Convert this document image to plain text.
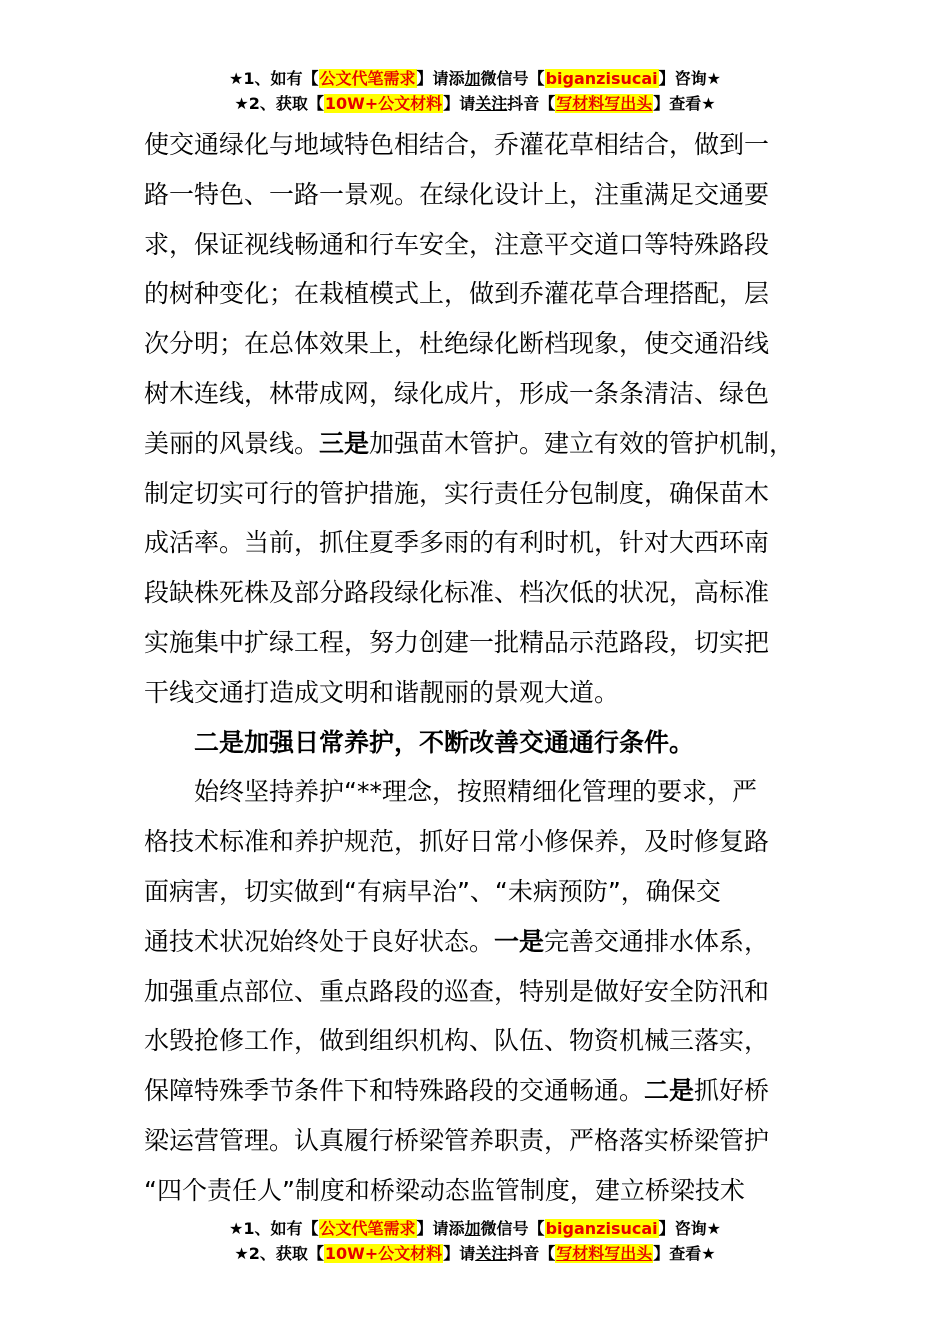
★1、如有【公文代笔需求】请添加微信号【biganzisucai】咨询★
★2、获取【10W+公文材料】请关注抖音【写材料写出头】查看★
使交通绿化与地域特色相结合，乔灌花草相结合，做到一
路一特色、一路一景观。在绿化设计上，注重满足交通要
求，保证视线畅通和行车安全，注意平交道口等特殊路段
的树种变化；在栽植模式上，做到乔灌花草合理搭配，层
次分明；在总体效果上，杜绝绿化断档现象，使交通沿线
树木连线，林带成网，绿化成片，形成一条条清洁、绿色
美丽的风景线。三是加强苗木管护。建立有效的管护机制，
制定切实可行的管护措施，实行责任分包制度，确保苗木
成活率。当前，抓住夏季多雨的有利时机，针对大西环南
段缺株死株及部分路段绿化标准、档次低的状况，高标准
实施集中扩绿工程，努力创建一批精品示范路段，切实把
干线交通打造成文明和谐靓丽的景观大道。
二是加强日常养护，不断改善交通通行条件。
始终坚持养护“**理念，按照精细化管理的要求，严
格技术标准和养护规范，抓好日常小修保养，及时修复路
面病害，切实做到“有病早治”、“未病预防”，确保交
通技术状况始终处于良好状态。一是完善交通排水体系，
加强重点部位、重点路段的巡查，特别是做好安全防汛和
水毁抢修工作，做到组织机构、队伍、物资机械三落实，
保障特殊季节条件下和特殊路段的交通畅通。二是抓好桥
梁运营管理。认真履行桥梁管养职责，严格落实桥梁管护
“四个责任人”制度和桥梁动态监管制度，建立桥梁技术
★1、如有【公文代笔需求】请添加微信号【biganzisucai】咨询★
★2、获取【10W+公文材料】请关注抖音【写材料写出头】查看★
